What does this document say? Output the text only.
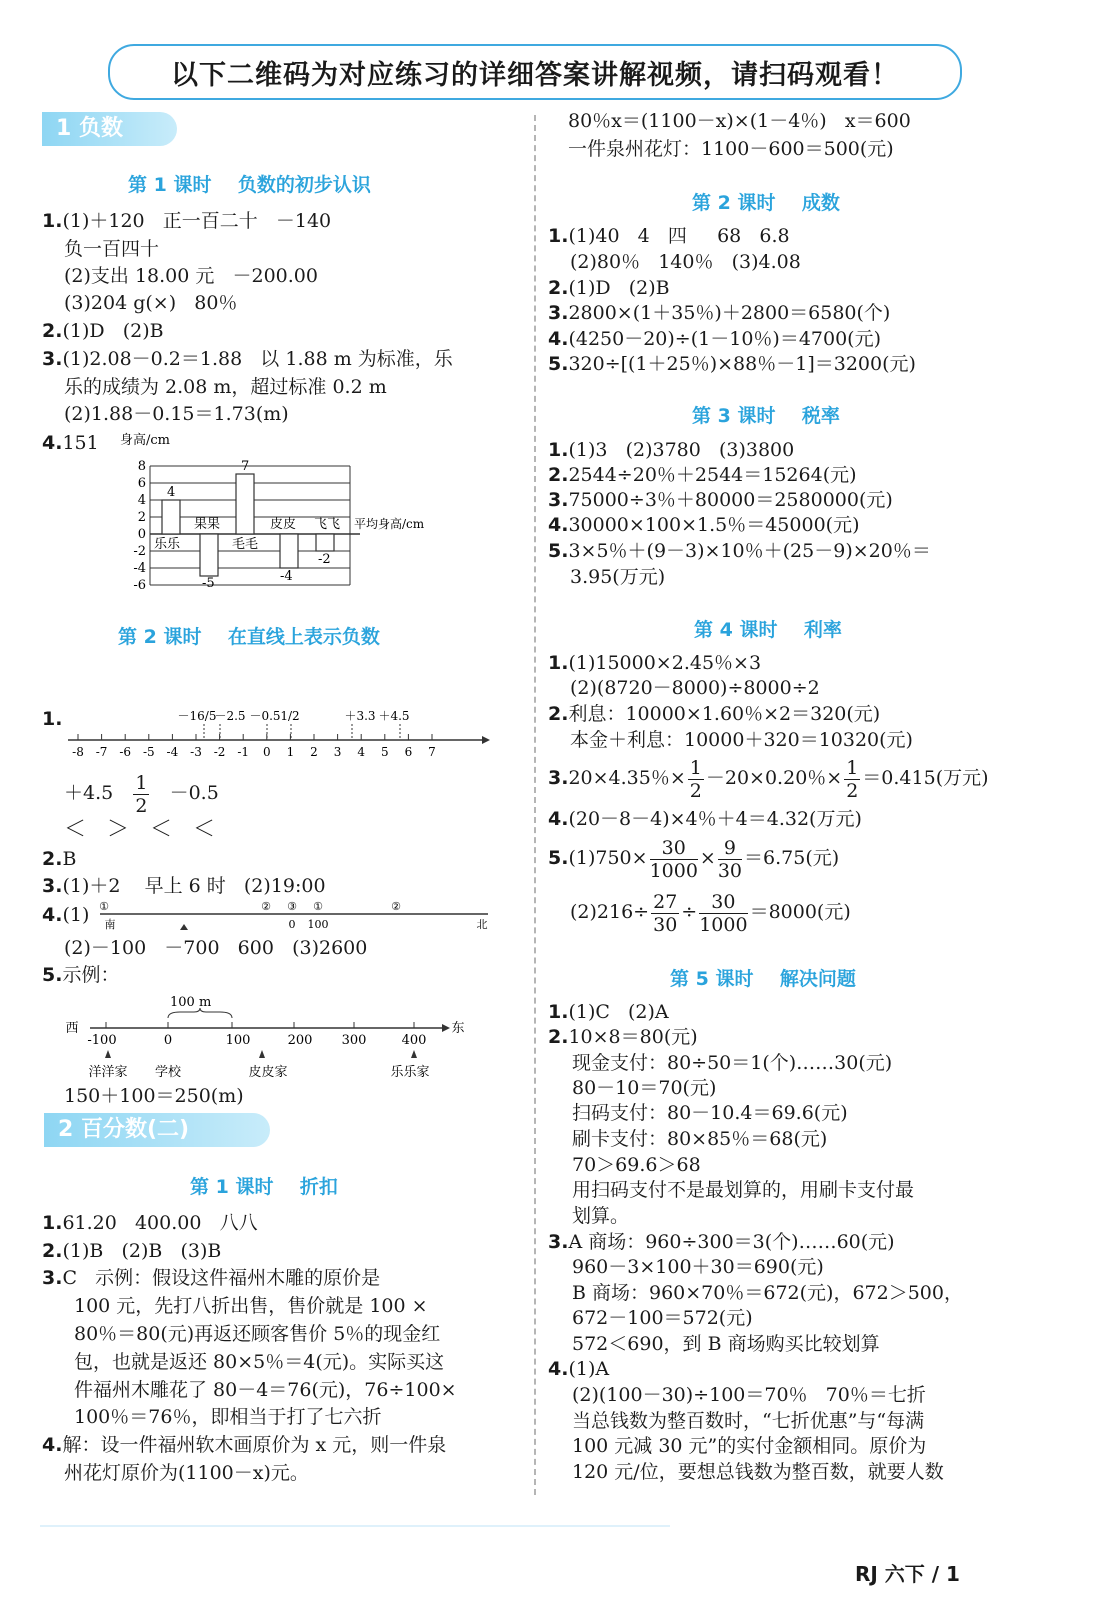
以下二维码为对应练习的详细答案讲解视频，请扫码观看！
1 负数
第 1 课时    负数的初步认识
1.(1)＋120   正一百二十   －140
负一百四十
(2)支出 18.00 元   －200.00
(3)204 g(×)   80％
2.(1)D   (2)B
3.(1)2.08－0.2＝1.88   以 1.88 m 为标准，乐
乐的成绩为 2.08 m，超过标准 0.2 m
(2)1.88－0.15＝1.73(m)
4.151 身高/cm
8
6
4
2
0
-2
-4
-6
4
-5
7
-4
-2
乐乐
果果
毛毛
皮皮 飞飞 平均身高/cm
第 2 课时    在直线上表示负数
1.
-8 -7 -6 -5 -4 -3 -2 -1 0 1 2 3 4 5 6 7
－16/5
－2.5 －0.5 1/2	＋3.3 ＋4.5
$+4.5 \frac{1}{2} -0.5$
＜   ＞   ＜   ＜
2.B
3.(1)＋2    早上 6 时   (2)19:00
4.(1) ①	② ③ ①	②
南	0 100	北
(2)－100   －700   600   (3)2600
5.示例：
100 m
西	东
-100	0	100	200 300	400
洋洋家 学校	皮皮家	乐乐家
150＋100＝250(m)
2 百分数(二)
第 1 课时    折扣
1.61.20   400.00   八八
2.(1)B   (2)B   (3)B
3.C   示例：假设这件福州木雕的原价是
100 元，先打八折出售，售价就是 100 ×
80％＝80(元)再返还顾客售价 5％的现金红
包，也就是返还 80×5％＝4(元)。实际买这
件福州木雕花了 80－4＝76(元)，76÷100×
100％＝76％，即相当于打了七六折
4.解：设一件福州软木画原价为 x 元，则一件泉
州花灯原价为(1100－x)元。
80％x＝(1100－x)×(1－4％)   x＝600
一件泉州花灯：1100－600＝500(元)
第 2 课时    成数
1.(1)40   4   四     68   6.8
(2)80％   140％   (3)4.08
2.(1)D   (2)B
3.2800×(1＋35％)＋2800＝6580(个)
4.(4250－20)÷(1－10％)＝4700(元)
5.320÷[(1＋25％)×88％－1]＝3200(元)
第 3 课时    税率
1.(1)3   (2)3780   (3)3800
2.2544÷20％＋2544＝15264(元)
3.75000÷3％＋80000＝2580000(元)
4.30000×100×1.5％＝45000(元)
5.3×5％＋(9－3)×10％＋(25－9)×20％＝
3.95(万元)
第 4 课时    利率
1.(1)15000×2.45％×3
(2)(8720－8000)÷8000÷2
2.利息：10000×1.60％×2＝320(元)
本金＋利息：10000＋320＝10320(元)
3.20×4.35％× $\frac{1}{2} -20\times 0.20$％× $\frac{1}{2} =0.415$(万元)
4.(20－8－4)×4％＋4＝4.32(万元)
$5.(1)750\times \frac{30}{1000} \times \frac{9}{30} =6.75$(元)
$(2)216\div \frac{27}{30} \div \frac{30}{1000} =8000$(元)
第 5 课时    解决问题
1.(1)C   (2)A
2.10×8＝80(元)
现金支付：80÷50＝1(个)……30(元)
80－10＝70(元)
扫码支付：80－10.4＝69.6(元)
刷卡支付：80×85％＝68(元)
70＞69.6＞68
用扫码支付不是最划算的，用刷卡支付最
划算。
3.A 商场：960÷300＝3(个)……60(元)
960－3×100＋30＝690(元)
B 商场：960×70％＝672(元)，672＞500，
672－100＝572(元)
572＜690，到 B 商场购买比较划算
4.(1)A
(2)(100－30)÷100＝70％   70％＝七折
当总钱数为整百数时，“七折优惠”与“每满
100 元减 30 元”的实付金额相同。原价为
120 元/位，要想总钱数为整百数，就要人数
RJ 六下 / 1
